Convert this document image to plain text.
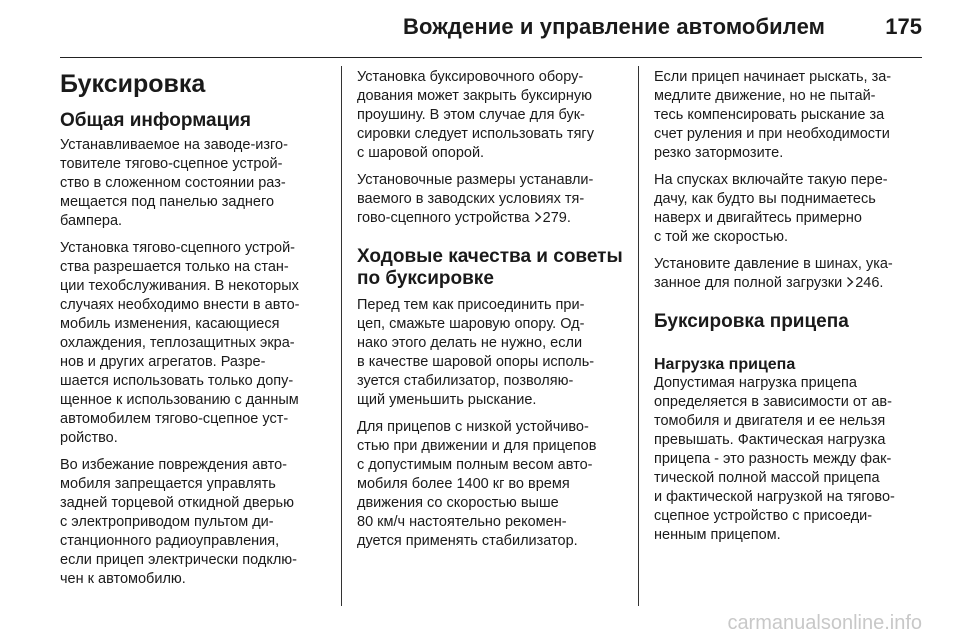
Вождение и управление автомобилем	175
Буксировка
Общая информация

Устанавливаемое на заводе-изго-
товителе тягово-сцепное устрой-
ство в сложенном состоянии раз-
мещается под панелью заднего
бампера.

Установка тягово-сцепного устрой-
ства разрешается только на стан-
ции техобслуживания. В некоторых
случаях необходимо внести в авто-
мобиль изменения, касающиеся
охлаждения, теплозащитных экра-
нов и других агрегатов. Разре-
шается использовать только допу-
щенное к использованию с данным
автомобилем тягово-сцепное уст-
ройство.

Во избежание повреждения авто-
мобиля запрещается управлять
задней торцевой откидной дверью
с электроприводом пультом ди-
станционного радиоуправления,
если прицеп электрически подклю-
чен к автомобилю.

Установка буксировочного обору-
дования может закрыть буксирную
проушину. В этом случае для бук-
сировки следует использовать тягу
с шаровой опорой.

Установочные размеры устанавли-
ваемого в заводских условиях тя-
гово-сцепного устройства 279.

Ходовые качества и советы
по буксировке

Перед тем как присоединить при-
цеп, смажьте шаровую опору. Од-
нако этого делать не нужно, если
в качестве шаровой опоры исполь-
зуется стабилизатор, позволяю-
щий уменьшить рыскание.

Для прицепов с низкой устойчиво-
стью при движении и для прицепов
с допустимым полным весом авто-
мобиля более 1400 кг во время
движения со скоростью выше
80 км/ч настоятельно рекомен-
дуется применять стабилизатор.

Если прицеп начинает рыскать, за-
медлите движение, но не пытай-
тесь компенсировать рыскание за
счет руления и при необходимости
резко затормозите.

На спусках включайте такую пере-
дачу, как будто вы поднимаетесь
наверх и двигайтесь примерно
с той же скоростью.

Установите давление в шинах, ука-
занное для полной загрузки 246.

Буксировка прицепа
Нагрузка прицепа

Допустимая нагрузка прицепа
определяется в зависимости от ав-
томобиля и двигателя и ее нельзя
превышать. Фактическая нагрузка
прицепа - это разность между фак-
тической полной массой прицепа
и фактической нагрузкой на тягово-
сцепное устройство с присоеди-
ненным прицепом.

carmanualsonline.info
